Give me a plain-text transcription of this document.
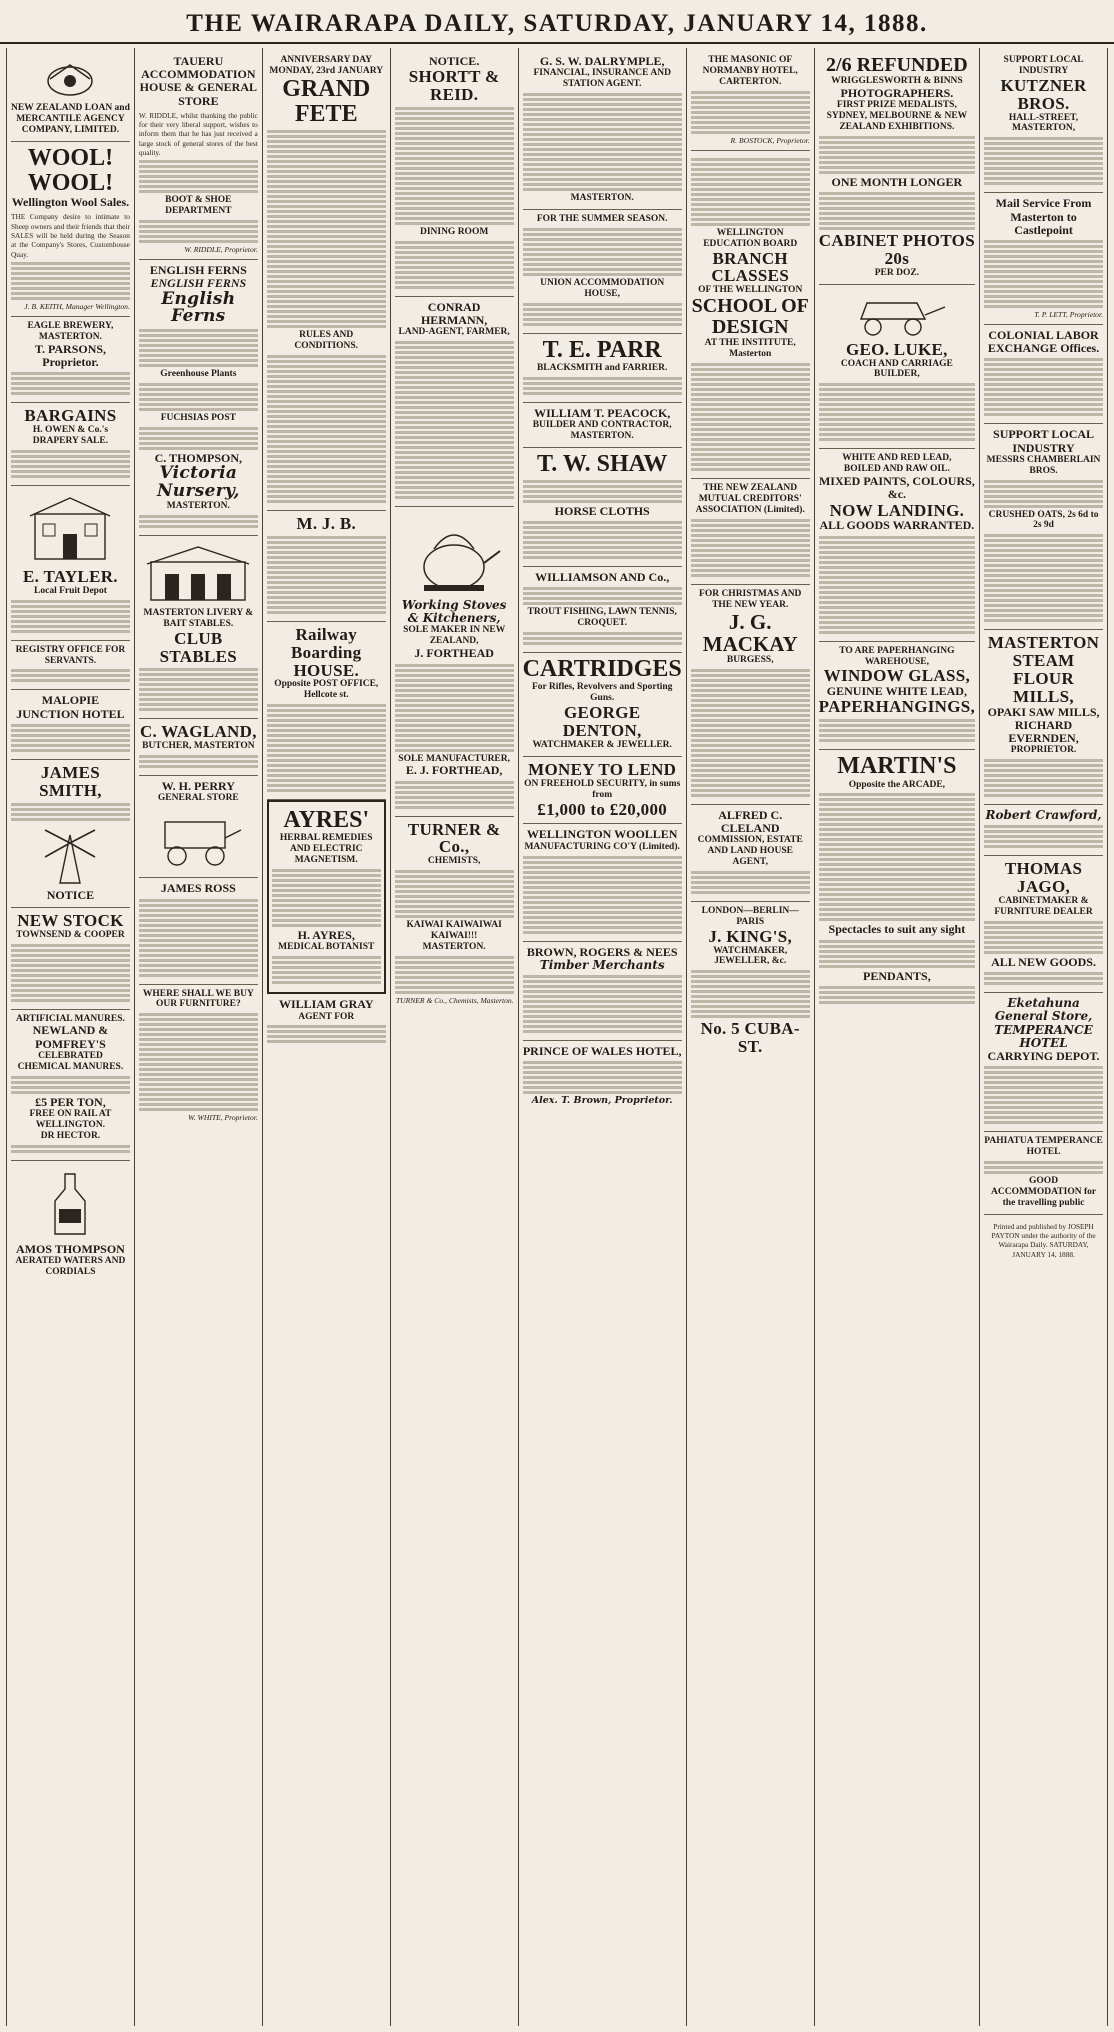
THE WAIRARAPA DAILY, SATURDAY, JANUARY 14, 1888.
NEW ZEALAND LOAN and MERCANTILE AGENCY COMPANY, LIMITED.
WOOL! WOOL!
Wellington Wool Sales.
THE Company desire to intimate to Sheep owners and their friends that their SALES will be held during the Season at the Company's Stores, Customhouse Quay.
J. B. KEITH, Manager Wellington.
EAGLE BREWERY, MASTERTON.
T. PARSONS, Proprietor.
BARGAINS
H. OWEN & Co.'s DRAPERY SALE.
E. TAYLER.
Local Fruit Depot
REGISTRY OFFICE FOR SERVANTS.
MALOPIE JUNCTION HOTEL
JAMES SMITH,
NOTICE
NEW STOCK
TOWNSEND & COOPER
ARTIFICIAL MANURES.
NEWLAND & POMFREY'S
CELEBRATED CHEMICAL MANURES.
£5 PER TON,
FREE ON RAIL AT WELLINGTON.
DR HECTOR.
AMOS THOMPSON
AERATED WATERS AND CORDIALS
TAUERU ACCOMMODATION HOUSE & GENERAL STORE
W. RIDDLE, whilst thanking the public for their very liberal support, wishes to inform them that he has just received a large stock of general stores of the best quality.
BOOT & SHOE DEPARTMENT
W. RIDDLE, Proprietor.
ENGLISH FERNS
ENGLISH FERNS
English Ferns
Greenhouse Plants
FUCHSIAS POST
C. THOMPSON,
Victoria Nursery,
MASTERTON.
MASTERTON LIVERY & BAIT STABLES.
CLUB STABLES
C. WAGLAND,
BUTCHER, MASTERTON
W. H. PERRY
GENERAL STORE
JAMES ROSS
WHERE SHALL WE BUY OUR FURNITURE?
W. WHITE, Proprietor.
ANNIVERSARY DAY MONDAY, 23rd JANUARY
GRAND FETE
RULES AND CONDITIONS.
M. J. B.
Railway Boarding HOUSE.
Opposite POST OFFICE, Hellcote st.
AYRES'
HERBAL REMEDIES AND ELECTRIC MAGNETISM.
H. AYRES,
MEDICAL BOTANIST
WILLIAM GRAY
AGENT FOR
NOTICE.
SHORTT & REID.
DINING ROOM
CONRAD HERMANN,
LAND-AGENT, FARMER,
Working Stoves & Kitcheners,
SOLE MAKER IN NEW ZEALAND,
J. FORTHEAD
SOLE MANUFACTURER,
E. J. FORTHEAD,
TURNER & Co.,
CHEMISTS,
KAIWAI KAIWAIWAI KAIWAI!!!
MASTERTON.
TURNER & Co., Chemists, Masterton.
G. S. W. DALRYMPLE,
FINANCIAL, INSURANCE AND STATION AGENT.
MASTERTON.
FOR THE SUMMER SEASON.
UNION ACCOMMODATION HOUSE,
T. E. PARR
BLACKSMITH and FARRIER.
WILLIAM T. PEACOCK,
BUILDER AND CONTRACTOR, MASTERTON.
T. W. SHAW
HORSE CLOTHS
WILLIAMSON AND Co.,
TROUT FISHING, LAWN TENNIS, CROQUET.
CARTRIDGES
For Rifles, Revolvers and Sporting Guns.
GEORGE DENTON,
WATCHMAKER & JEWELLER.
MONEY TO LEND
ON FREEHOLD SECURITY, in sums from
£1,000 to £20,000
WELLINGTON WOOLLEN
MANUFACTURING CO'Y (Limited).
BROWN, ROGERS & NEES
Timber Merchants
PRINCE OF WALES HOTEL,
Alex. T. Brown, Proprietor.
THE MASONIC OF NORMANBY HOTEL, CARTERTON.
R. BOSTOCK, Proprietor.
WELLINGTON EDUCATION BOARD
BRANCH CLASSES
OF THE WELLINGTON
SCHOOL OF DESIGN
AT THE INSTITUTE, Masterton
THE NEW ZEALAND MUTUAL CREDITORS' ASSOCIATION (Limited).
FOR CHRISTMAS AND THE NEW YEAR.
J. G. MACKAY
BURGESS,
ALFRED C. CLELAND
COMMISSION, ESTATE AND LAND HOUSE AGENT,
LONDON—BERLIN—PARIS
J. KING'S,
WATCHMAKER, JEWELLER, &c.
No. 5 CUBA-ST.
2/6 REFUNDED
WRIGGLESWORTH & BINNS
PHOTOGRAPHERS.
FIRST PRIZE MEDALISTS, SYDNEY, MELBOURNE & NEW ZEALAND EXHIBITIONS.
ONE MONTH LONGER
CABINET PHOTOS 20s
PER DOZ.
GEO. LUKE,
COACH AND CARRIAGE BUILDER,
WHITE AND RED LEAD,
BOILED AND RAW OIL.
MIXED PAINTS, COLOURS, &c.
NOW LANDING.
ALL GOODS WARRANTED.
TO ARE PAPERHANGING WAREHOUSE,
WINDOW GLASS,
GENUINE WHITE LEAD,
PAPERHANGINGS,
MARTIN'S
Opposite the ARCADE,
Spectacles to suit any sight
PENDANTS,
SUPPORT LOCAL INDUSTRY
KUTZNER BROS.
HALL-STREET, MASTERTON,
Mail Service From Masterton to Castlepoint
T. P. LETT, Proprietor.
COLONIAL LABOR EXCHANGE Offices.
SUPPORT LOCAL INDUSTRY
MESSRS CHAMBERLAIN BROS.
CRUSHED OATS, 2s 6d to 2s 9d
MASTERTON
STEAM FLOUR MILLS,
OPAKI SAW MILLS,
RICHARD EVERNDEN,
PROPRIETOR.
Robert Crawford,
THOMAS JAGO,
CABINETMAKER & FURNITURE DEALER
ALL NEW GOODS.
Eketahuna General Store, TEMPERANCE HOTEL
CARRYING DEPOT.
PAHIATUA TEMPERANCE HOTEL
GOOD ACCOMMODATION for the travelling public
Printed and published by JOSEPH PAYTON under the authority of the Wairarapa Daily. SATURDAY, JANUARY 14, 1888.
